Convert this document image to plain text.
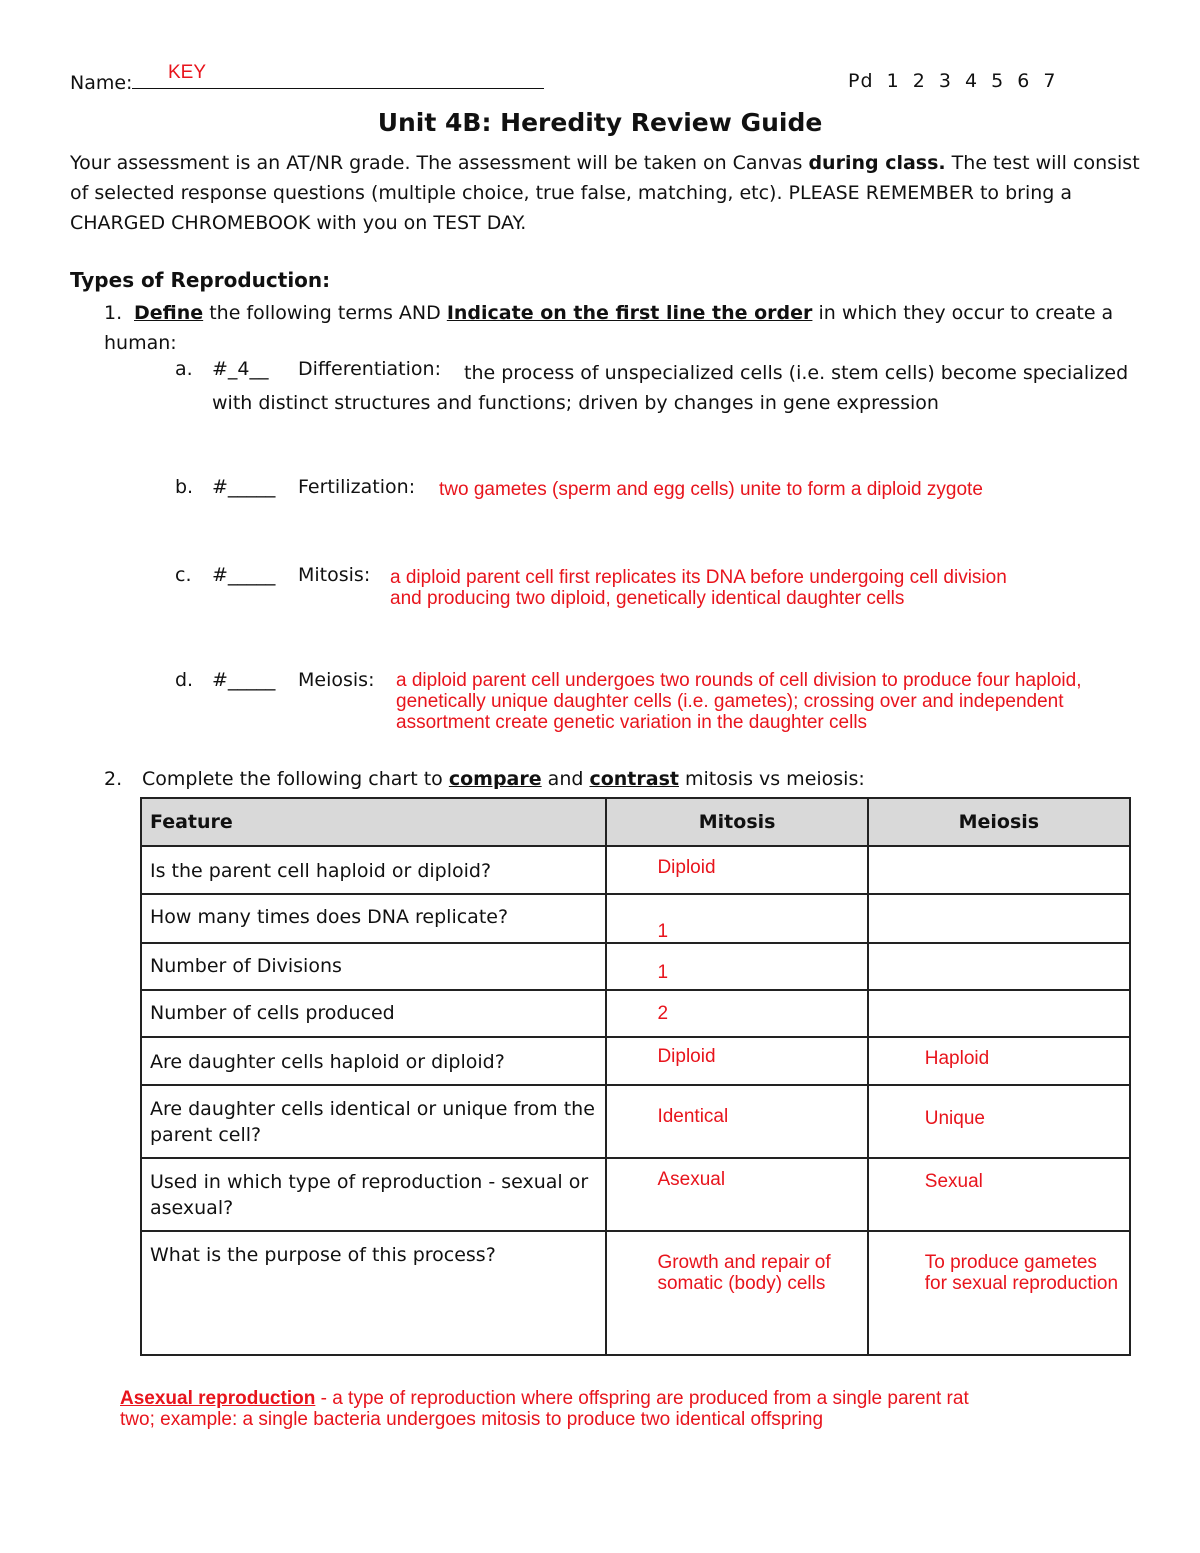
Name:	KEY	Pd 1 2 3 4 5 6 7
Unit 4B: Heredity Review Guide
Your assessment is an AT/NR grade. The assessment will be taken on Canvas during class. The test will consist of selected response questions (multiple choice, true false, matching, etc). PLEASE REMEMBER to bring a CHARGED CHROMEBOOK with you on TEST DAY.
Types of Reproduction:
1. Define the following terms AND Indicate on the first line the order in which they occur to create a human:
a. #_4__ Differentiation:	the process of unspecialized cells (i.e. stem cells) become specialized with distinct structures and functions; driven by changes in gene expression
b. #_____ Fertilization: two gametes (sperm and egg cells) unite to form a diploid zygote
c. #_____ Mitosis: a diploid parent cell first replicates its DNA before undergoing cell division
and producing two diploid, genetically identical daughter cells
d. #_____ Meiosis: a diploid parent cell undergoes two rounds of cell division to produce four haploid,
genetically unique daughter cells (i.e. gametes); crossing over and independent
assortment create genetic variation in the daughter cells
2. Complete the following chart to compare and contrast mitosis vs meiosis:
Feature	Mitosis	Meiosis
Is the parent cell haploid or diploid?	Diploid	
How many times does DNA replicate?	1	
Number of Divisions	1	
Number of cells produced	2	
Are daughter cells haploid or diploid?	Diploid	Haploid
Are daughter cells identical or unique from the parent cell?	Identical	Unique
Used in which type of reproduction - sexual or asexual?	Asexual	Sexual
What is the purpose of this process?	Growth and repair of somatic (body) cells	To produce gametes for sexual reproduction
Asexual reproduction - a type of reproduction where offspring are produced from a single parent rat
two; example: a single bacteria undergoes mitosis to produce two identical offspring
